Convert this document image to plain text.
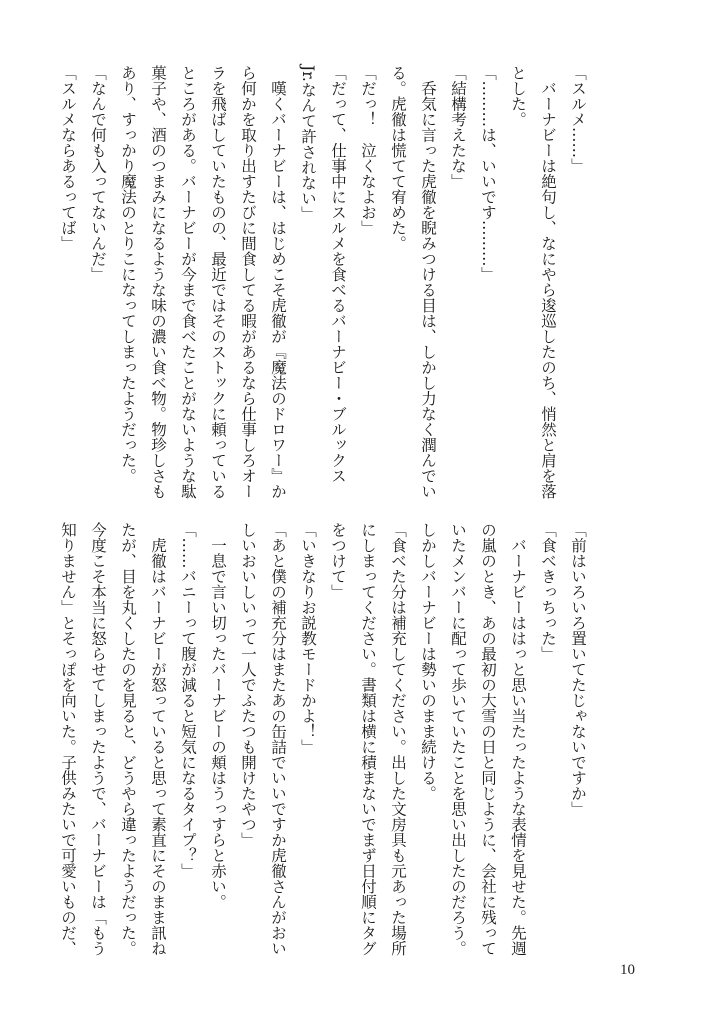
「スルメ……」

　バーナビーは絶句し、なにやら逡巡したのち、悄然と肩を落

とした。

「………は、いいです………」

「結構考えたな」

　呑気に言った虎徹を睨みつける目は、しかし力なく潤んでい

る。虎徹は慌てて宥めた。

「だっ！　泣くなよお」

「だって、仕事中にスルメを食べるバーナビー・ブルックス

Jr.なんて許されない」

　嘆くバーナビーは、はじめこそ虎徹が『魔法のドロワー』か

ら何かを取り出すたびに間食してる暇があるなら仕事しろオー

ラを飛ばしていたものの、最近ではそのストックに頼っている

ところがある。バーナビーが今まで食べたことがないような駄

菓子や、酒のつまみになるような味の濃い食べ物。物珍しさも

あり、すっかり魔法のとりこになってしまったようだった。

「なんで何も入ってないんだ」

「スルメならあるってば」

「前はいろいろ置いてたじゃないですか」

「食べきっちった」

　バーナビーははっと思い当たったような表情を見せた。先週

の嵐のとき、あの最初の大雪の日と同じように、会社に残って

いたメンバーに配って歩いていたことを思い出したのだろう。

しかしバーナビーは勢いのまま続ける。

「食べた分は補充してください。出した文房具も元あった場所

にしまってください。書類は横に積まないでまず日付順にタグ

をつけて」

「いきなりお説教モードかよ！」

「あと僕の補充分はまたあの缶詰でいいですか虎徹さんがおい

しいおいしいって一人でふたつも開けたやつ」

　一息で言い切ったバーナビーの頬はうっすらと赤い。

「……バニーって腹が減ると短気になるタイプ？」

　虎徹はバーナビーが怒っていると思って素直にそのまま訊ね

たが、目を丸くしたのを見ると、どうやら違ったようだった。

今度こそ本当に怒らせてしまったようで、バーナビーは「もう

知りません」とそっぽを向いた。子供みたいで可愛いものだ、

10
